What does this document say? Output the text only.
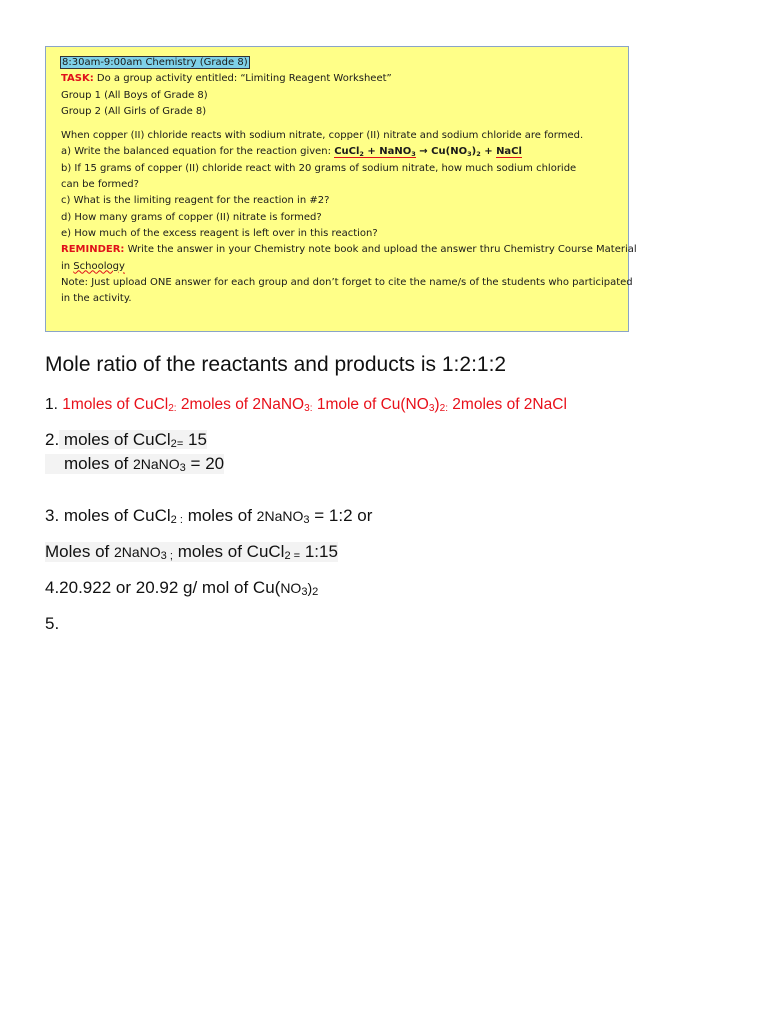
8:30am-9:00am Chemistry (Grade 8)
TASK: Do a group activity entitled: “Limiting Reagent Worksheet”
Group 1 (All Boys of Grade 8)
Group 2 (All Girls of Grade 8)
When copper (II) chloride reacts with sodium nitrate, copper (II) nitrate and sodium chloride are formed.
a) Write the balanced equation for the reaction given: CuCl$_2$ + NaNO$_3$ → $Cu(NO_3)_2$ + NaCl
b) If 15 grams of copper (II) chloride react with 20 grams of sodium nitrate, how much sodium chloride
can be formed?
c) What is the limiting reagent for the reaction in #2?
d) How many grams of copper (II) nitrate is formed?
e) How much of the excess reagent is left over in this reaction?
REMINDER: Write the answer in your Chemistry note book and upload the answer thru Chemistry Course Material
in Schoology
Note: Just upload ONE answer for each group and don’t forget to cite the name/s of the students who participated
in the activity.
Mole ratio of the reactants and products is 1:2:1:2
1. 1moles of CuCl$_{2:}$ 2moles of 2NaNO$_{3:}$ 1mole of $Cu(NO_3)_{2:}$ 2moles of 2NaCl
2. moles of CuCl$_{2=}$ 15
moles of 2NaNO$_3$ = 20
3. moles of CuCl$_{2 :}$ moles of 2NaNO$_3$ = 1:2 or
Moles of 2NaNO$_{3 ;}$ moles of CuCl$_{2 =}$ 1:15
4.20.922 or 20.92 g/ mol of $Cu(NO_3)_2$
5.
